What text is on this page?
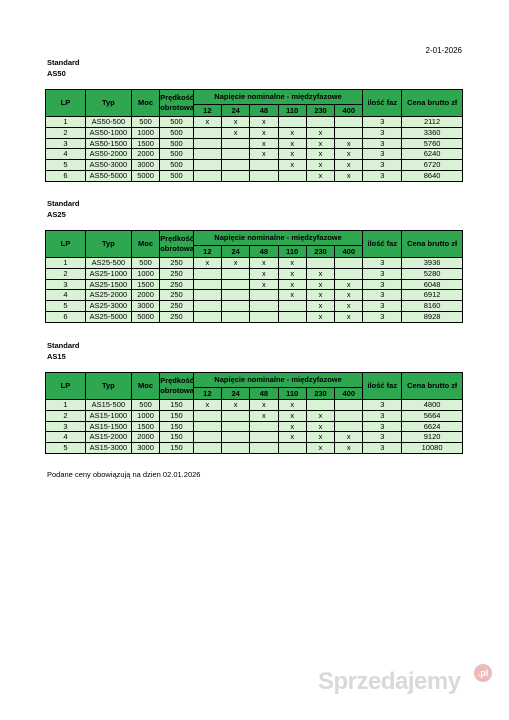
2-01-2026
Standard
AS50
LP	Typ	Moc	Prędkość obrotowa	Napięcie nominalne - międzyfazowe						ilość faz	Cena brutto zł
				12	24	48	110	230	400		
1	AS50-500	500	500	x	x	x				3	2112
2	AS50-1000	1000	500		x	x	x	x		3	3360
3	AS50-1500	1500	500			x	x	x	x	3	5760
4	AS50-2000	2000	500			x	x	x	x	3	6240
5	AS50-3000	3000	500				x	x	x	3	6720
6	AS50-5000	5000	500					x	x	3	8640
Standard
AS25
LP	Typ	Moc	Prędkość obrotowa	Napięcie nominalne - międzyfazowe						ilość faz	Cena brutto zł
				12	24	48	110	230	400		
1	AS25-500	500	250	x	x	x	x			3	3936
2	AS25-1000	1000	250			x	x	x		3	5280
3	AS25-1500	1500	250			x	x	x	x	3	6048
4	AS25-2000	2000	250				x	x	x	3	6912
5	AS25-3000	3000	250					x	x	3	8160
6	AS25-5000	5000	250					x	x	3	8928
Standard
AS15
LP	Typ	Moc	Prędkość obrotowa	Napięcie nominalne - międzyfazowe						ilość faz	Cena brutto zł
				12	24	48	110	230	400		
1	AS15-500	500	150	x	x	x	x			3	4800
2	AS15-1000	1000	150			x	x	x		3	5664
3	AS15-1500	1500	150				x	x		3	6624
4	AS15-2000	2000	150				x	x	x	3	9120
5	AS15-3000	3000	150					x	x	3	10080
Podane ceny obowiązują na dzien 02.01.2026
Sprzedajemy	.pl
